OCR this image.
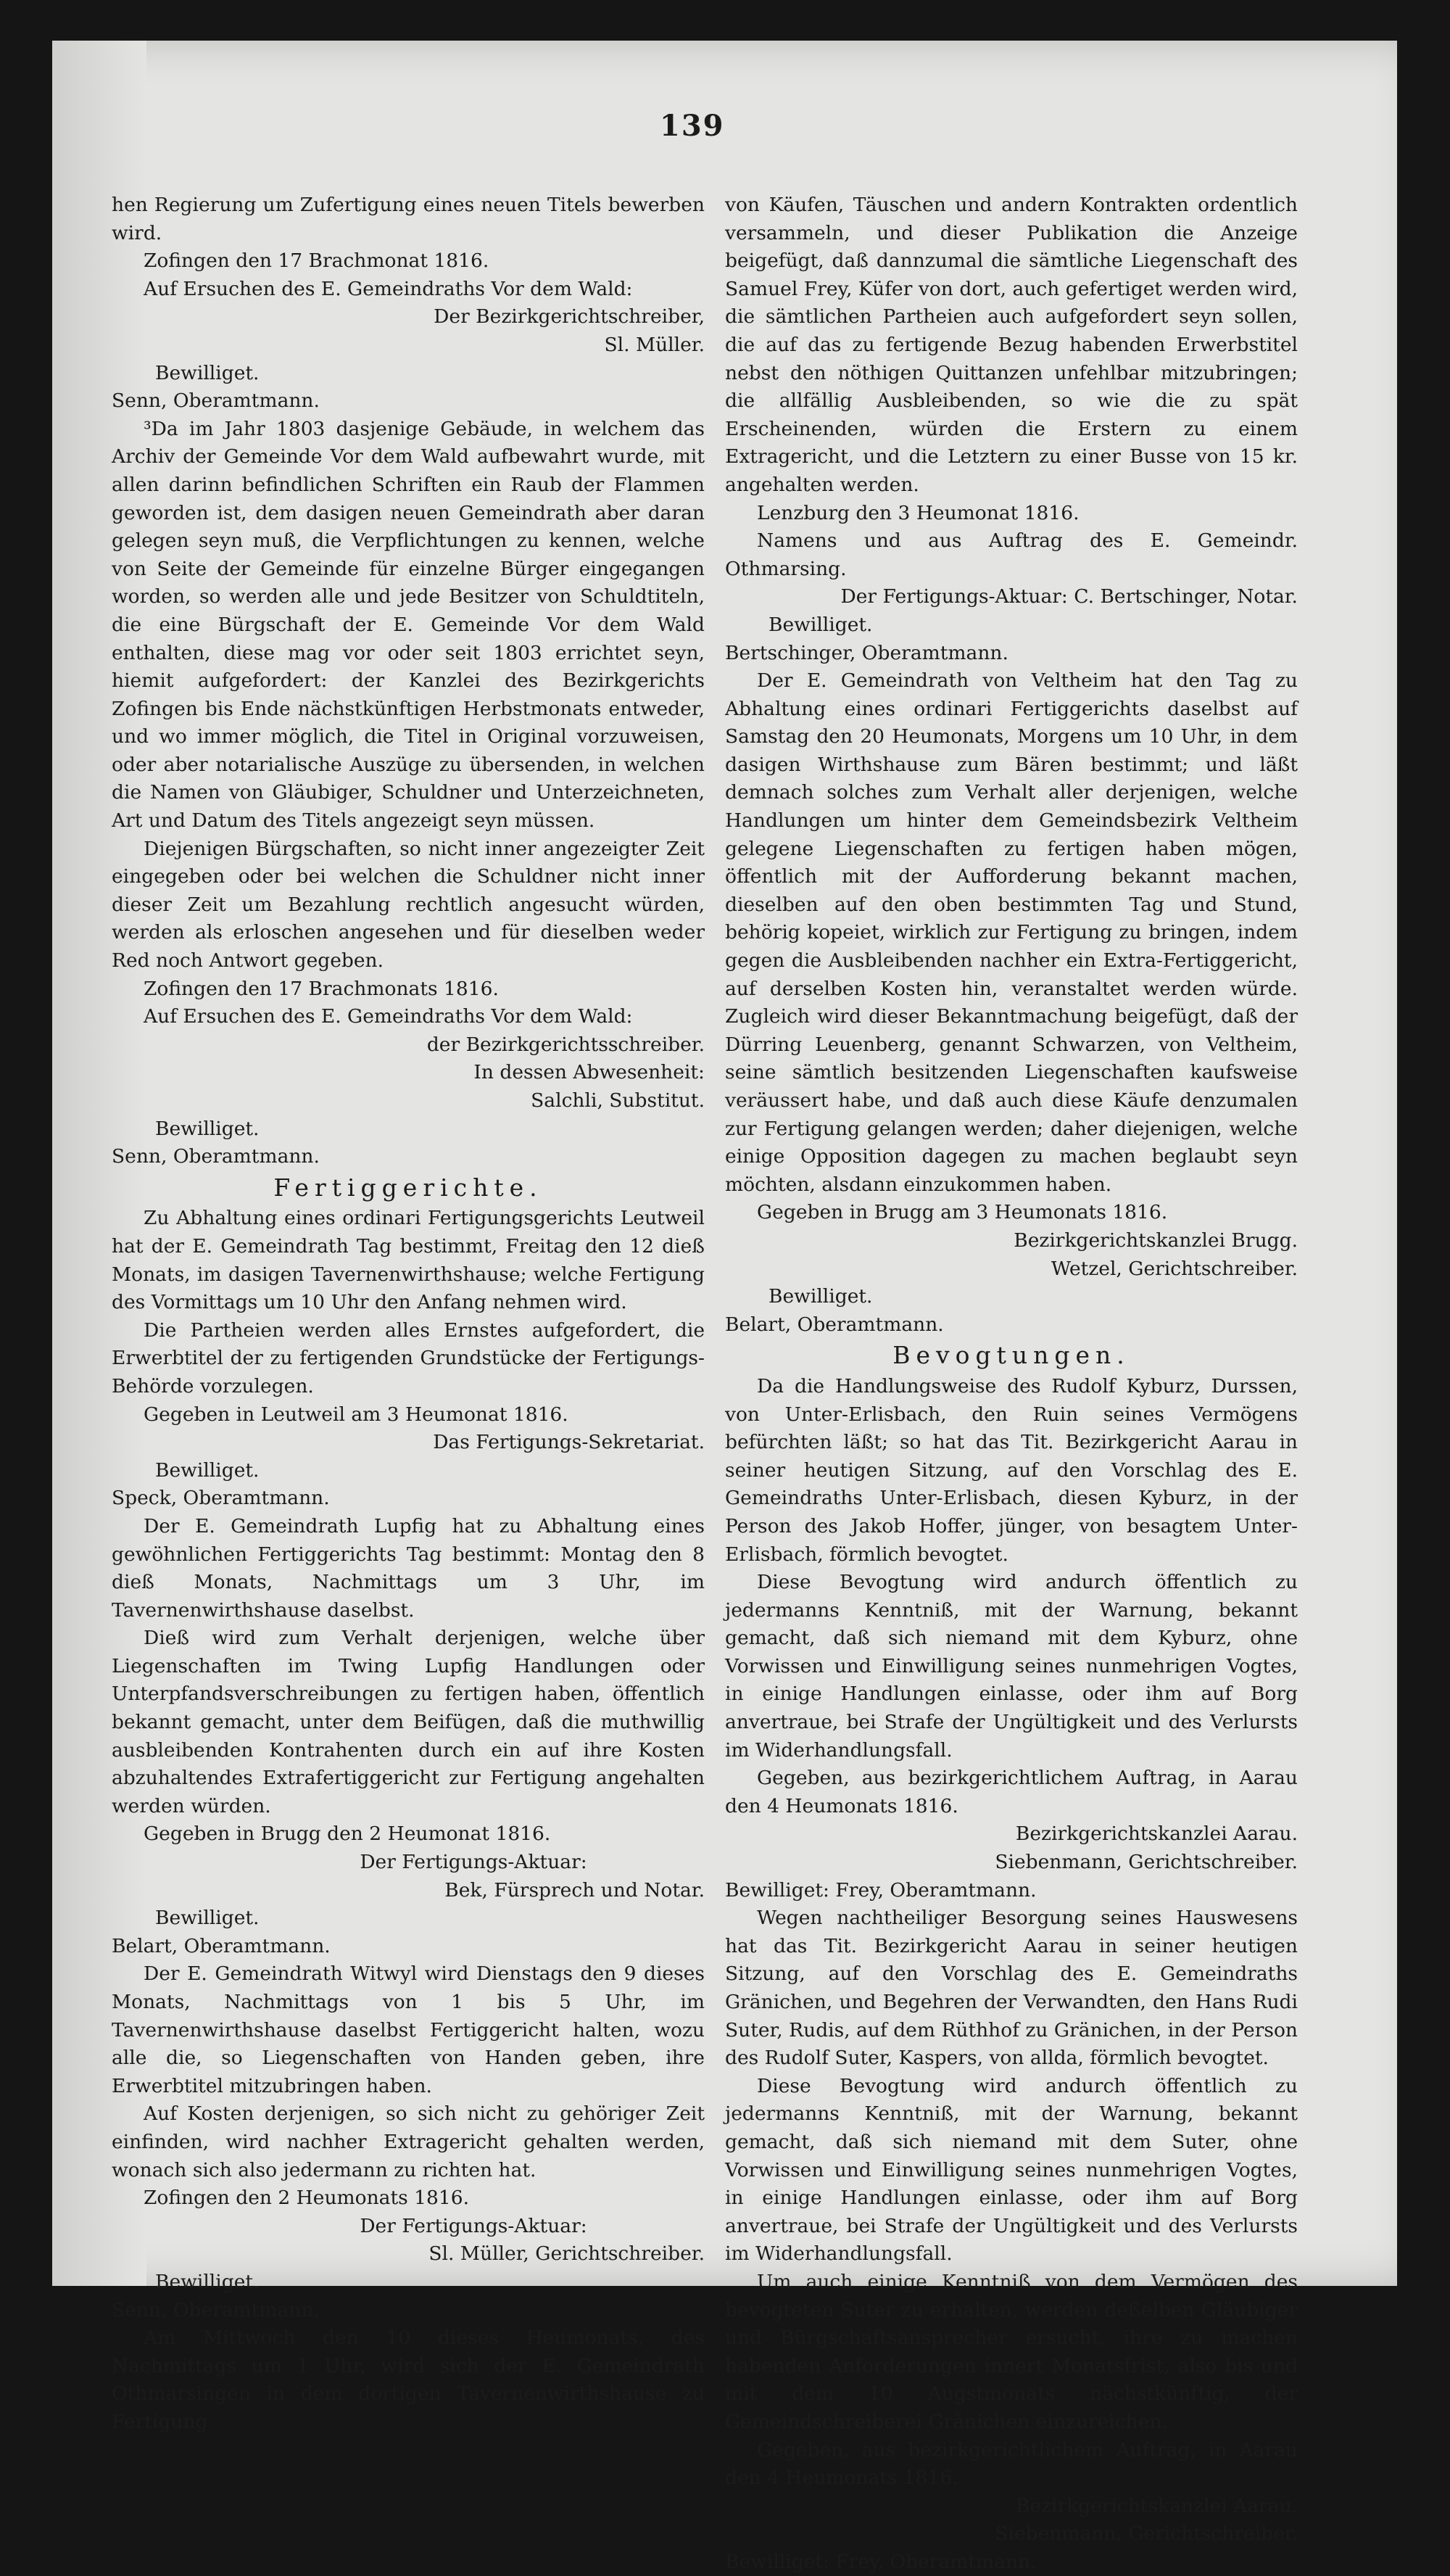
139

hen Regierung um Zufertigung eines neuen Titels bewerben wird.

Zofingen den 17 Brachmonat 1816.

Auf Ersuchen des E. Gemeindraths Vor dem Wald:

Der Bezirkgerichtschreiber,

Sl. Müller.

Bewilliget.

Senn, Oberamtmann.

³Da im Jahr 1803 dasjenige Gebäude, in welchem das Archiv der Gemeinde Vor dem Wald aufbewahrt wurde, mit allen darinn befindlichen Schriften ein Raub der Flammen geworden ist, dem dasigen neuen Gemeindrath aber daran gelegen seyn muß, die Verpflichtungen zu kennen, welche von Seite der Gemeinde für einzelne Bürger eingegangen worden, so werden alle und jede Besitzer von Schuldtiteln, die eine Bürgschaft der E. Gemeinde Vor dem Wald enthalten, diese mag vor oder seit 1803 errichtet seyn, hiemit aufgefordert: der Kanzlei des Bezirkgerichts Zofingen bis Ende nächstkünftigen Herbstmonats entweder, und wo immer möglich, die Titel in Original vorzuweisen, oder aber notarialische Auszüge zu übersenden, in welchen die Namen von Gläubiger, Schuldner und Unterzeichneten, Art und Datum des Titels angezeigt seyn müssen.

Diejenigen Bürgschaften, so nicht inner angezeigter Zeit eingegeben oder bei welchen die Schuldner nicht inner dieser Zeit um Bezahlung rechtlich angesucht würden, werden als erloschen angesehen und für dieselben weder Red noch Antwort gegeben.

Zofingen den 17 Brachmonats 1816.

Auf Ersuchen des E. Gemeindraths Vor dem Wald:

der Bezirkgerichtsschreiber.

In dessen Abwesenheit:

Salchli, Substitut.

Bewilliget.

Senn, Oberamtmann.

Fertiggerichte.

Zu Abhaltung eines ordinari Fertigungsgerichts Leutweil hat der E. Gemeindrath Tag bestimmt, Freitag den 12 dieß Monats, im dasigen Tavernenwirthshause; welche Fertigung des Vormittags um 10 Uhr den Anfang nehmen wird.

Die Partheien werden alles Ernstes aufgefordert, die Erwerbtitel der zu fertigenden Grundstücke der Fertigungs-Behörde vorzulegen.

Gegeben in Leutweil am 3 Heumonat 1816.

Das Fertigungs-Sekretariat.

Bewilliget.

Speck, Oberamtmann.

Der E. Gemeindrath Lupfig hat zu Abhaltung eines gewöhnlichen Fertiggerichts Tag bestimmt: Montag den 8 dieß Monats, Nachmittags um 3 Uhr, im Tavernenwirthshause daselbst.

Dieß wird zum Verhalt derjenigen, welche über Liegenschaften im Twing Lupfig Handlungen oder Unterpfandsverschreibungen zu fertigen haben, öffentlich bekannt gemacht, unter dem Beifügen, daß die muthwillig ausbleibenden Kontrahenten durch ein auf ihre Kosten abzuhaltendes Extrafertiggericht zur Fertigung angehalten werden würden.

Gegeben in Brugg den 2 Heumonat 1816.

Der Fertigungs-Aktuar:

Bek, Fürsprech und Notar.

Bewilliget.

Belart, Oberamtmann.

Der E. Gemeindrath Witwyl wird Dienstags den 9 dieses Monats, Nachmittags von 1 bis 5 Uhr, im Tavernenwirthshause daselbst Fertiggericht halten, wozu alle die, so Liegenschaften von Handen geben, ihre Erwerbtitel mitzubringen haben.

Auf Kosten derjenigen, so sich nicht zu gehöriger Zeit einfinden, wird nachher Extragericht gehalten werden, wonach sich also jedermann zu richten hat.

Zofingen den 2 Heumonats 1816.

Der Fertigungs-Aktuar:

Sl. Müller, Gerichtschreiber.

Bewilliget.

Senn, Oberamtmann.

Am Mittwoch den 10 dieses Heumonats, des Nachmittags um 1 Uhr, wird sich der E. Gemeindrath Othmarsingen in dem dortigen Tavernenwirthshause zu Fertigung

von Käufen, Täuschen und andern Kontrakten ordentlich versammeln, und dieser Publikation die Anzeige beigefügt, daß dannzumal die sämtliche Liegenschaft des Samuel Frey, Küfer von dort, auch gefertiget werden wird, die sämtlichen Partheien auch aufgefordert seyn sollen, die auf das zu fertigende Bezug habenden Erwerbstitel nebst den nöthigen Quittanzen unfehlbar mitzubringen; die allfällig Ausbleibenden, so wie die zu spät Erscheinenden, würden die Erstern zu einem Extragericht, und die Letztern zu einer Busse von 15 kr. angehalten werden.

Lenzburg den 3 Heumonat 1816.

Namens und aus Auftrag des E. Gemeindr. Othmarsing.

Der Fertigungs-Aktuar: C. Bertschinger, Notar.

Bewilliget.

Bertschinger, Oberamtmann.

Der E. Gemeindrath von Veltheim hat den Tag zu Abhaltung eines ordinari Fertiggerichts daselbst auf Samstag den 20 Heumonats, Morgens um 10 Uhr, in dem dasigen Wirthshause zum Bären bestimmt; und läßt demnach solches zum Verhalt aller derjenigen, welche Handlungen um hinter dem Gemeindsbezirk Veltheim gelegene Liegenschaften zu fertigen haben mögen, öffentlich mit der Aufforderung bekannt machen, dieselben auf den oben bestimmten Tag und Stund, behörig kopeiet, wirklich zur Fertigung zu bringen, indem gegen die Ausbleibenden nachher ein Extra-Fertiggericht, auf derselben Kosten hin, veranstaltet werden würde. Zugleich wird dieser Bekanntmachung beigefügt, daß der Dürring Leuenberg, genannt Schwarzen, von Veltheim, seine sämtlich besitzenden Liegenschaften kaufsweise veräussert habe, und daß auch diese Käufe denzumalen zur Fertigung gelangen werden; daher diejenigen, welche einige Opposition dagegen zu machen beglaubt seyn möchten, alsdann einzukommen haben.

Gegeben in Brugg am 3 Heumonats 1816.

Bezirkgerichtskanzlei Brugg.

Wetzel, Gerichtschreiber.

Bewilliget.

Belart, Oberamtmann.

Bevogtungen.

Da die Handlungsweise des Rudolf Kyburz, Durssen, von Unter-Erlisbach, den Ruin seines Vermögens befürchten läßt; so hat das Tit. Bezirkgericht Aarau in seiner heutigen Sitzung, auf den Vorschlag des E. Gemeindraths Unter-Erlisbach, diesen Kyburz, in der Person des Jakob Hoffer, jünger, von besagtem Unter-Erlisbach, förmlich bevogtet.

Diese Bevogtung wird andurch öffentlich zu jedermanns Kenntniß, mit der Warnung, bekannt gemacht, daß sich niemand mit dem Kyburz, ohne Vorwissen und Einwilligung seines nunmehrigen Vogtes, in einige Handlungen einlasse, oder ihm auf Borg anvertraue, bei Strafe der Ungültigkeit und des Verlursts im Widerhandlungsfall.

Gegeben, aus bezirkgerichtlichem Auftrag, in Aarau den 4 Heumonats 1816.

Bezirkgerichtskanzlei Aarau.

Siebenmann, Gerichtschreiber.

Bewilliget: Frey, Oberamtmann.

Wegen nachtheiliger Besorgung seines Hauswesens hat das Tit. Bezirkgericht Aarau in seiner heutigen Sitzung, auf den Vorschlag des E. Gemeindraths Gränichen, und Begehren der Verwandten, den Hans Rudi Suter, Rudis, auf dem Rüthhof zu Gränichen, in der Person des Rudolf Suter, Kaspers, von allda, förmlich bevogtet.

Diese Bevogtung wird andurch öffentlich zu jedermanns Kenntniß, mit der Warnung, bekannt gemacht, daß sich niemand mit dem Suter, ohne Vorwissen und Einwilligung seines nunmehrigen Vogtes, in einige Handlungen einlasse, oder ihm auf Borg anvertraue, bei Strafe der Ungültigkeit und des Verlursts im Widerhandlungsfall.

Um auch einige Kenntniß von dem Vermögen des bevogteten Suter zu erhalten, werden deßelben Gläubiger und Bürgschaftsansprecher ersucht, ihre zu machen habenden Anforderungen innert Monatsfrist, also bis und mit dem 10 Augstmonats nächstkünftig, der Gemeindschreiberei Gränichen einzureichen.

Gegeben, aus bezirkgerichtlichem Auftrag, in Aarau den 4 Heumonats 1816.

Bezirkgerichtskanzlei Aarau.

Siebenmann, Gerichtschreiber.

Bewilliget: Frey, Oberamtmann.
